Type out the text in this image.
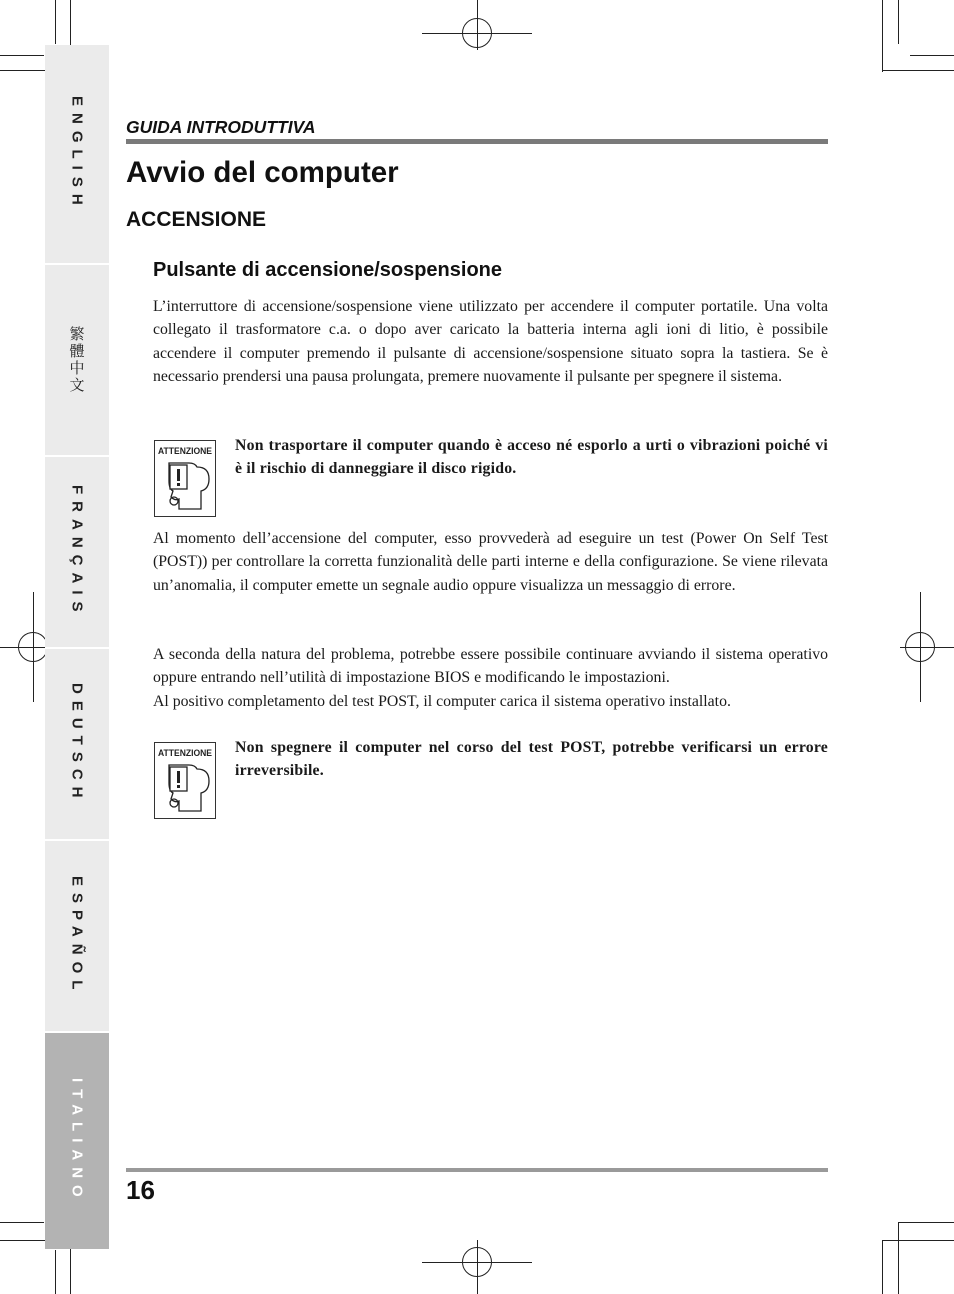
ENGLISH
繁體中文
FRANÇAIS
DEUTSCH
ESPAÑOL
ITALIANO
GUIDA INTRODUTTIVA
Avvio del computer
ACCENSIONE
Pulsante di accensione/sospensione

L’interruttore di accensione/sospensione viene utilizzato per accendere il computer portatile. Una volta collegato il trasformatore c.a. o dopo aver caricato la batteria interna agli ioni di litio, è possibile accendere il computer premendo il pulsante di accensione/sospensione situato sopra la tastiera. Se è necessario prendersi una pausa prolungata, premere nuovamente il pulsante per spegnere il sistema.

ATTENZIONE Non trasportare il computer quando è acceso né esporlo a urti o vibrazioni poiché vi è il rischio di danneggiare il disco rigido.

Al momento dell’accensione del computer, esso provvederà ad eseguire un test (Power On Self Test (POST)) per controllare la corretta funzionalità delle parti interne e della configurazione. Se viene rilevata un’anomalia, il computer emette un segnale audio oppure visualizza un messaggio di errore.

A seconda della natura del problema, potrebbe essere possibile continuare avviando il sistema operativo oppure entrando nell’utilità di impostazione BIOS e modificando le impostazioni.

Al positivo completamento del test POST, il computer carica il sistema operativo installato.

ATTENZIONE Non spegnere il computer nel corso del test POST, potrebbe verificarsi un errore irreversibile.

16
